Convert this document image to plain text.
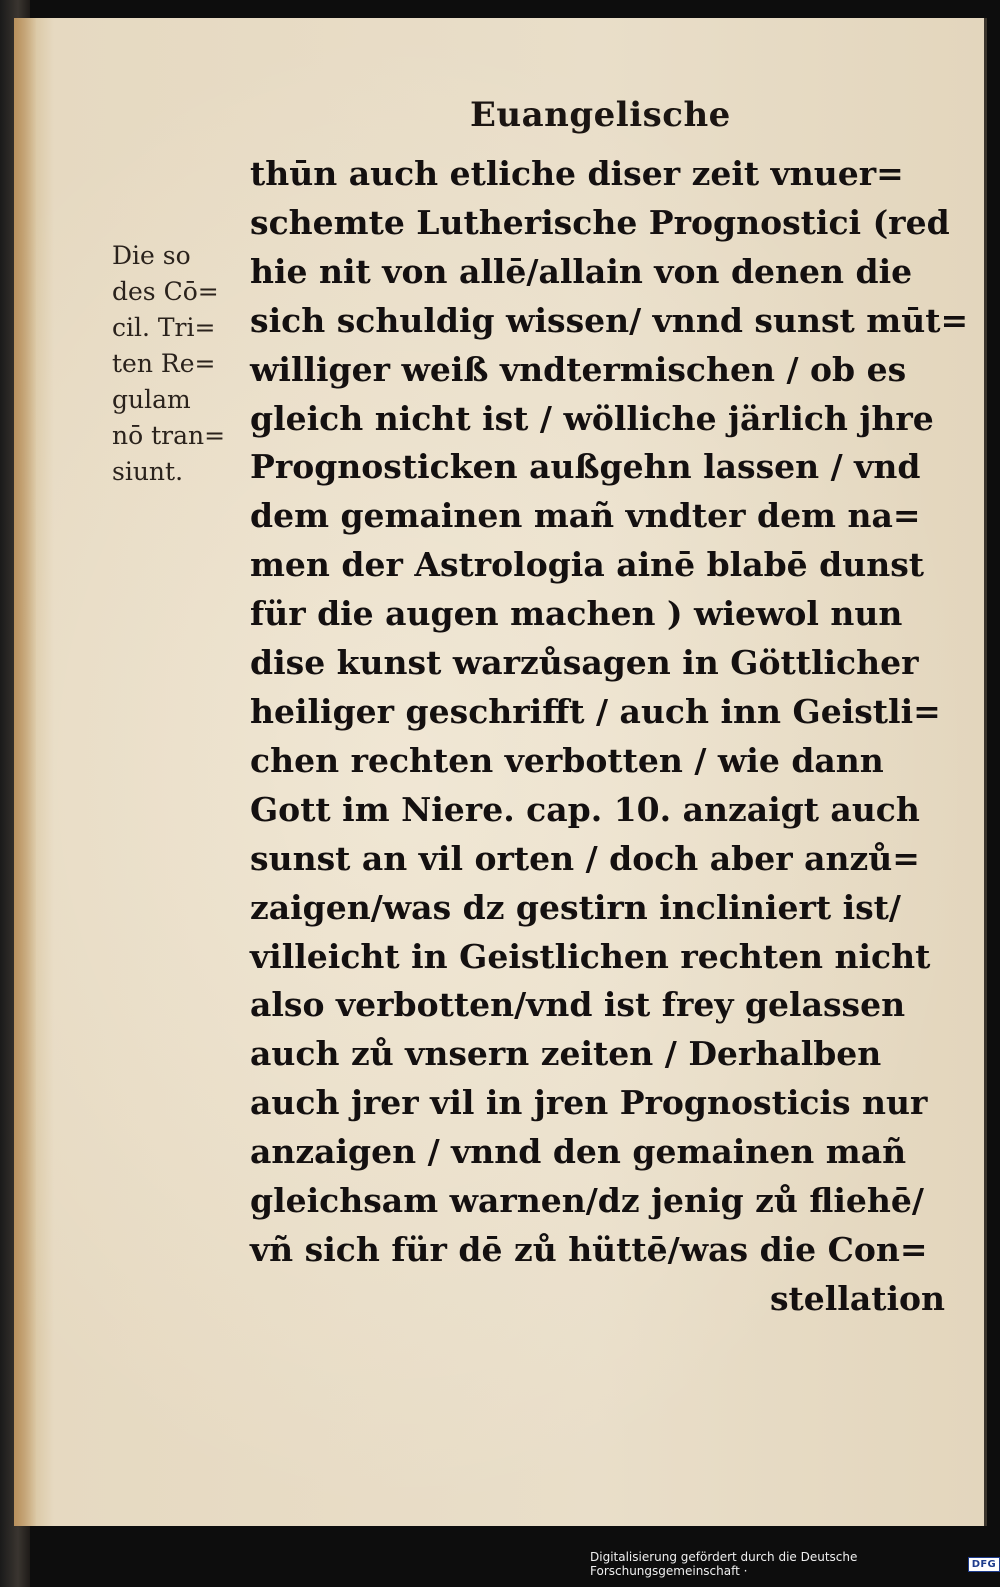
Euangelische
Die so
des Cō=
cil. Tri=
ten Re=
gulam
nō tran=
siunt.
thūn auch etliche diser zeit vnuer=
schemte Lutherische Prognostici (red
hie nit von allē/allain von denen die
sich schuldig wissen/ vnnd sunst mūt=
williger weiß vndtermischen / ob es
gleich nicht ist / wölliche järlich jhre
Prognosticken außgehn lassen / vnd
dem gemainen mañ vndter dem na=
men der Astrologia ainē blabē dunst
für die augen machen ) wiewol nun
dise kunst warzůsagen in Göttlicher
heiliger geschrifft / auch inn Geistli=
chen rechten verbotten / wie dann
Gott im Niere. cap. 10. anzaigt auch
sunst an vil orten / doch aber anzů=
zaigen/was dz gestirn incliniert ist/
villeicht in Geistlichen rechten nicht
also verbotten/vnd ist frey gelassen
auch zů vnsern zeiten / Derhalben
auch jrer vil in jren Prognosticis nur
anzaigen / vnnd den gemainen mañ
gleichsam warnen/dz jenig zů fliehē/
vñ sich für dē zů hüttē/was die Con=
stellation
Digitalisierung gefördert durch die Deutsche Forschungsgemeinschaft ·	DFG
